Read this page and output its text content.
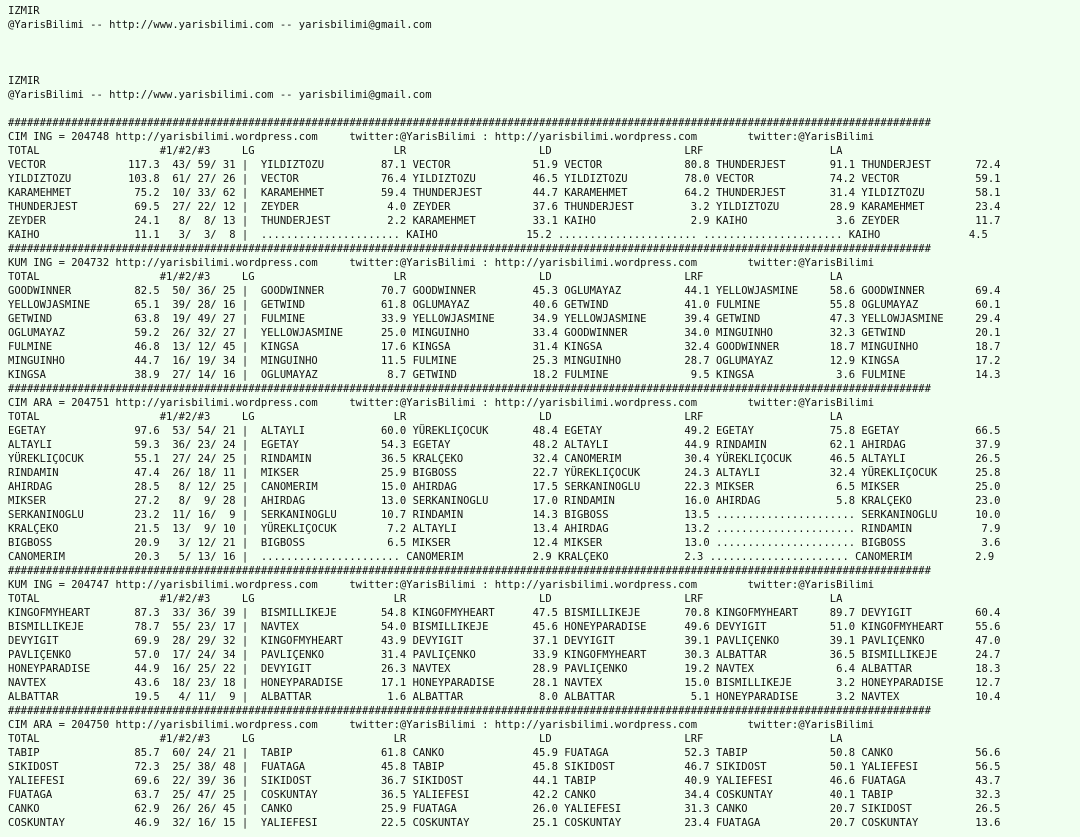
IZMIR
@YarisBilimi -- http://www.yarisbilimi.com -- yarisbilimi@gmail.com

IZMIR
@YarisBilimi -- http://www.yarisbilimi.com -- yarisbilimi@gmail.com

##################################################################################################################################################
CIM ING = 204748 http://yarisbilimi.wordpress.com     twitter:@YarisBilimi : http://yarisbilimi.wordpress.com        twitter:@YarisBilimi
TOTAL                   #1/#2/#3     LG                      LR                     LD                     LRF                    LA
VECTOR             117.3  43/ 59/ 31 |  YILDIZTOZU         87.1 VECTOR             51.9 VECTOR             80.8 THUNDERJEST       91.1 THUNDERJEST       72.4
YILDIZTOZU         103.8  61/ 27/ 26 |  VECTOR             76.4 YILDIZTOZU         46.5 YILDIZTOZU         78.0 VECTOR            74.2 VECTOR            59.1
KARAMEHMET          75.2  10/ 33/ 62 |  KARAMEHMET         59.4 THUNDERJEST        44.7 KARAMEHMET         64.2 THUNDERJEST       31.4 YILDIZTOZU        58.1
THUNDERJEST         69.5  27/ 22/ 12 |  ZEYDER              4.0 ZEYDER             37.6 THUNDERJEST         3.2 YILDIZTOZU        28.9 KARAMEHMET        23.4
ZEYDER              24.1   8/  8/ 13 |  THUNDERJEST         2.2 KARAMEHMET         33.1 KAIHO               2.9 KAIHO              3.6 ZEYDER            11.7
KAIHO               11.1   3/  3/  8 |  ...................... KAIHO              15.2 ...................... ...................... KAIHO              4.5
##################################################################################################################################################
KUM ING = 204732 http://yarisbilimi.wordpress.com     twitter:@YarisBilimi : http://yarisbilimi.wordpress.com        twitter:@YarisBilimi
TOTAL                   #1/#2/#3     LG                      LR                     LD                     LRF                    LA
GOODWINNER          82.5  50/ 36/ 25 |  GOODWINNER         70.7 GOODWINNER         45.3 OGLUMAYAZ          44.1 YELLOWJASMINE     58.6 GOODWINNER        69.4
YELLOWJASMINE       65.1  39/ 28/ 16 |  GETWIND            61.8 OGLUMAYAZ          40.6 GETWIND            41.0 FULMINE           55.8 OGLUMAYAZ         60.1
GETWIND             63.8  19/ 49/ 27 |  FULMINE            33.9 YELLOWJASMINE      34.9 YELLOWJASMINE      39.4 GETWIND           47.3 YELLOWJASMINE     29.4
OGLUMAYAZ           59.2  26/ 32/ 27 |  YELLOWJASMINE      25.0 MINGUINHO          33.4 GOODWINNER         34.0 MINGUINHO         32.3 GETWIND           20.1
FULMINE             46.8  13/ 12/ 45 |  KINGSA             17.6 KINGSA             31.4 KINGSA             32.4 GOODWINNER        18.7 MINGUINHO         18.7
MINGUINHO           44.7  16/ 19/ 34 |  MINGUINHO          11.5 FULMINE            25.3 MINGUINHO          28.7 OGLUMAYAZ         12.9 KINGSA            17.2
KINGSA              38.9  27/ 14/ 16 |  OGLUMAYAZ           8.7 GETWIND            18.2 FULMINE             9.5 KINGSA             3.6 FULMINE           14.3
##################################################################################################################################################
CIM ARA = 204751 http://yarisbilimi.wordpress.com     twitter:@YarisBilimi : http://yarisbilimi.wordpress.com        twitter:@YarisBilimi
TOTAL                   #1/#2/#3     LG                      LR                     LD                     LRF                    LA
EGETAY              97.6  53/ 54/ 21 |  ALTAYLI            60.0 YÜREKLIÇOCUK       48.4 EGETAY             49.2 EGETAY            75.8 EGETAY            66.5
ALTAYLI             59.3  36/ 23/ 24 |  EGETAY             54.3 EGETAY             48.2 ALTAYLI            44.9 RINDAMIN          62.1 AHIRDAG           37.9
YÜREKLIÇOCUK        55.1  27/ 24/ 25 |  RINDAMIN           36.5 KRALÇEKO           32.4 CANOMERIM          30.4 YÜREKLIÇOCUK      46.5 ALTAYLI           26.5
RINDAMIN            47.4  26/ 18/ 11 |  MIKSER             25.9 BIGBOSS            22.7 YÜREKLIÇOCUK       24.3 ALTAYLI           32.4 YÜREKLIÇOCUK      25.8
AHIRDAG             28.5   8/ 12/ 25 |  CANOMERIM          15.0 AHIRDAG            17.5 SERKANINOGLU       22.3 MIKSER             6.5 MIKSER            25.0
MIKSER              27.2   8/  9/ 28 |  AHIRDAG            13.0 SERKANINOGLU       17.0 RINDAMIN           16.0 AHIRDAG            5.8 KRALÇEKO          23.0
SERKANINOGLU        23.2  11/ 16/  9 |  SERKANINOGLU       10.7 RINDAMIN           14.3 BIGBOSS            13.5 ...................... SERKANINOGLU      10.0
KRALÇEKO            21.5  13/  9/ 10 |  YÜREKLIÇOCUK        7.2 ALTAYLI            13.4 AHIRDAG            13.2 ...................... RINDAMIN           7.9
BIGBOSS             20.9   3/ 12/ 21 |  BIGBOSS             6.5 MIKSER             12.4 MIKSER             13.0 ...................... BIGBOSS            3.6
CANOMERIM           20.3   5/ 13/ 16 |  ...................... CANOMERIM           2.9 KRALÇEKO            2.3 ...................... CANOMERIM          2.9
##################################################################################################################################################
KUM ING = 204747 http://yarisbilimi.wordpress.com     twitter:@YarisBilimi : http://yarisbilimi.wordpress.com        twitter:@YarisBilimi
TOTAL                   #1/#2/#3     LG                      LR                     LD                     LRF                    LA
KINGOFMYHEART       87.3  33/ 36/ 39 |  BISMILLIKEJE       54.8 KINGOFMYHEART      47.5 BISMILLIKEJE       70.8 KINGOFMYHEART     89.7 DEVYIGIT          60.4
BISMILLIKEJE        78.7  55/ 23/ 17 |  NAVTEX             54.0 BISMILLIKEJE       45.6 HONEYPARADISE      49.6 DEVYIGIT          51.0 KINGOFMYHEART     55.6
DEVYIGIT            69.9  28/ 29/ 32 |  KINGOFMYHEART      43.9 DEVYIGIT           37.1 DEVYIGIT           39.1 PAVLIÇENKO        39.1 PAVLIÇENKO        47.0
PAVLIÇENKO          57.0  17/ 24/ 34 |  PAVLIÇENKO         31.4 PAVLIÇENKO         33.9 KINGOFMYHEART      30.3 ALBATTAR          36.5 BISMILLIKEJE      24.7
HONEYPARADISE       44.9  16/ 25/ 22 |  DEVYIGIT           26.3 NAVTEX             28.9 PAVLIÇENKO         19.2 NAVTEX             6.4 ALBATTAR          18.3
NAVTEX              43.6  18/ 23/ 18 |  HONEYPARADISE      17.1 HONEYPARADISE      28.1 NAVTEX             15.0 BISMILLIKEJE       3.2 HONEYPARADISE     12.7
ALBATTAR            19.5   4/ 11/  9 |  ALBATTAR            1.6 ALBATTAR            8.0 ALBATTAR            5.1 HONEYPARADISE      3.2 NAVTEX            10.4
##################################################################################################################################################
CIM ARA = 204750 http://yarisbilimi.wordpress.com     twitter:@YarisBilimi : http://yarisbilimi.wordpress.com        twitter:@YarisBilimi
TOTAL                   #1/#2/#3     LG                      LR                     LD                     LRF                    LA
TABIP               85.7  60/ 24/ 21 |  TABIP              61.8 CANKO              45.9 FUATAGA            52.3 TABIP             50.8 CANKO             56.6
SIKIDOST            72.3  25/ 38/ 48 |  FUATAGA            45.8 TABIP              45.8 SIKIDOST           46.7 SIKIDOST          50.1 YALIEFESI         56.5
YALIEFESI           69.6  22/ 39/ 36 |  SIKIDOST           36.7 SIKIDOST           44.1 TABIP              40.9 YALIEFESI         46.6 FUATAGA           43.7
FUATAGA             63.7  25/ 47/ 25 |  COSKUNTAY          36.5 YALIEFESI          42.2 CANKO              34.4 COSKUNTAY         40.1 TABIP             32.3
CANKO               62.9  26/ 26/ 45 |  CANKO              25.9 FUATAGA            26.0 YALIEFESI          31.3 CANKO             20.7 SIKIDOST          26.5
COSKUNTAY           46.9  32/ 16/ 15 |  YALIEFESI          22.5 COSKUNTAY          25.1 COSKUNTAY          23.4 FUATAGA           20.7 COSKUNTAY         13.6
